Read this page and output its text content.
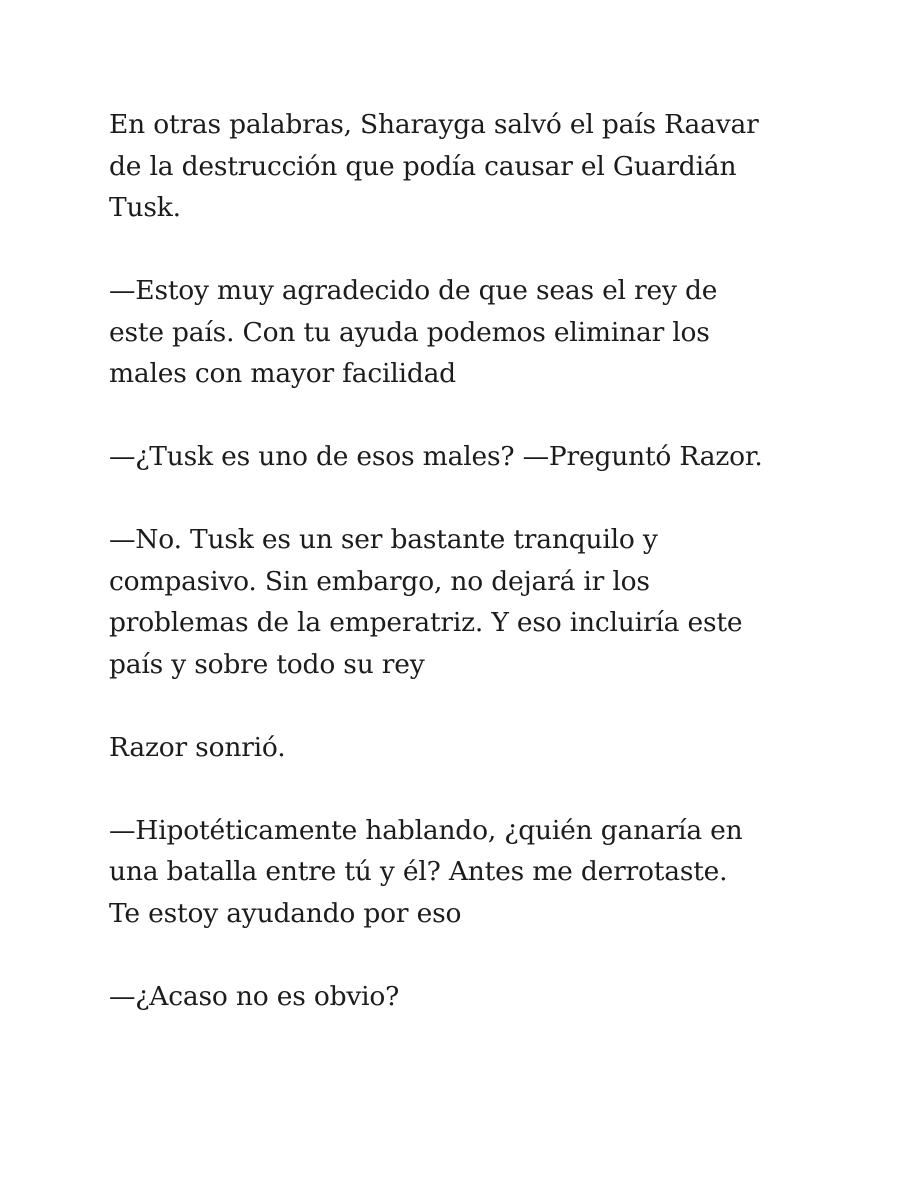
En otras palabras, Sharayga salvó el país Raavar
de la destrucción que podía causar el Guardián
Tusk.

—Estoy muy agradecido de que seas el rey de
este país. Con tu ayuda podemos eliminar los
males con mayor facilidad

—¿Tusk es uno de esos males? —Preguntó Razor.

—No. Tusk es un ser bastante tranquilo y
compasivo. Sin embargo, no dejará ir los
problemas de la emperatriz. Y eso incluiría este
país y sobre todo su rey

Razor sonrió.

—Hipotéticamente hablando, ¿quién ganaría en
una batalla entre tú y él? Antes me derrotaste.
Te estoy ayudando por eso

—¿Acaso no es obvio?
